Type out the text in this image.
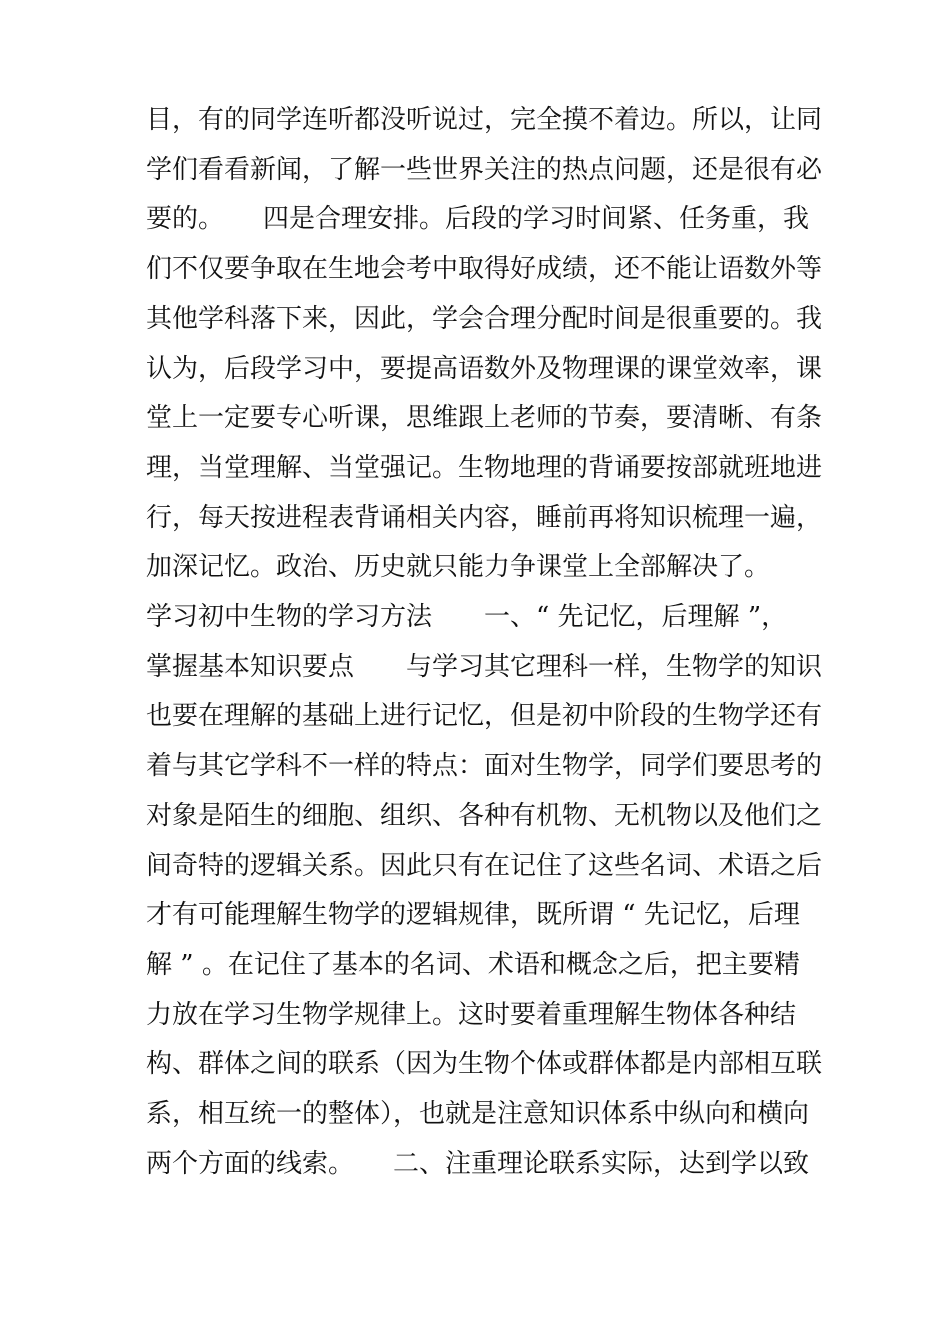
目，有的同学连听都没听说过，完全摸不着边。所以，让同
学们看看新闻，了解一些世界关注的热点问题，还是很有必
要的。　　四是合理安排。后段的学习时间紧、任务重，我
们不仅要争取在生地会考中取得好成绩，还不能让语数外等
其他学科落下来，因此，学会合理分配时间是很重要的。我
认为，后段学习中，要提高语数外及物理课的课堂效率，课
堂上一定要专心听课，思维跟上老师的节奏，要清晰、有条
理，当堂理解、当堂强记。生物地理的背诵要按部就班地进
行，每天按进程表背诵相关内容，睡前再将知识梳理一遍，
加深记忆。政治、历史就只能力争课堂上全部解决了。
学习初中生物的学习方法　　一、“ 先记忆，后理解 ”，
掌握基本知识要点　　与学习其它理科一样，生物学的知识
也要在理解的基础上进行记忆，但是初中阶段的生物学还有
着与其它学科不一样的特点：面对生物学，同学们要思考的
对象是陌生的细胞、组织、各种有机物、无机物以及他们之
间奇特的逻辑关系。因此只有在记住了这些名词、术语之后
才有可能理解生物学的逻辑规律，既所谓 “ 先记忆，后理
解 ” 。在记住了基本的名词、术语和概念之后，把主要精
力放在学习生物学规律上。这时要着重理解生物体各种结
构、群体之间的联系（因为生物个体或群体都是内部相互联
系，相互统一的整体），也就是注意知识体系中纵向和横向
两个方面的线索。　　二、注重理论联系实际，达到学以致
